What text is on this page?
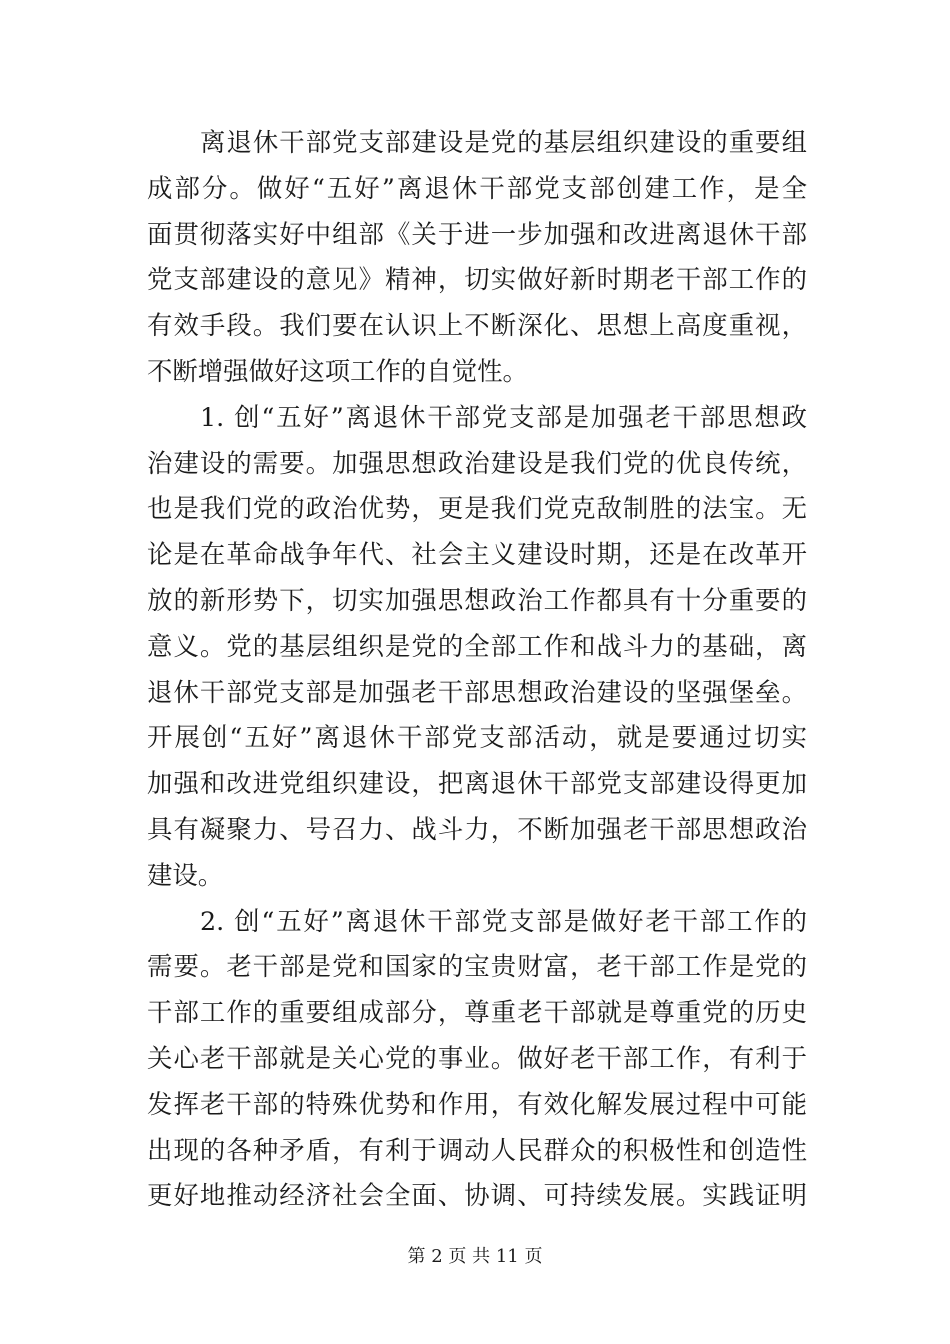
离退休干部党支部建设是党的基层组织建设的重要组
成部分。做好“五好”离退休干部党支部创建工作，是全
面贯彻落实好中组部《关于进一步加强和改进离退休干部
党支部建设的意见》精神，切实做好新时期老干部工作的
有效手段。我们要在认识上不断深化、思想上高度重视，
不断增强做好这项工作的自觉性。
1. 创“五好”离退休干部党支部是加强老干部思想政
治建设的需要。加强思想政治建设是我们党的优良传统，
也是我们党的政治优势，更是我们党克敌制胜的法宝。无
论是在革命战争年代、社会主义建设时期，还是在改革开
放的新形势下，切实加强思想政治工作都具有十分重要的
意义。党的基层组织是党的全部工作和战斗力的基础，离
退休干部党支部是加强老干部思想政治建设的坚强堡垒。
开展创“五好”离退休干部党支部活动，就是要通过切实
加强和改进党组织建设，把离退休干部党支部建设得更加
具有凝聚力、号召力、战斗力，不断加强老干部思想政治
建设。
2. 创“五好”离退休干部党支部是做好老干部工作的
需要。老干部是党和国家的宝贵财富，老干部工作是党的
干部工作的重要组成部分，尊重老干部就是尊重党的历史
关心老干部就是关心党的事业。做好老干部工作，有利于
发挥老干部的特殊优势和作用，有效化解发展过程中可能
出现的各种矛盾，有利于调动人民群众的积极性和创造性
更好地推动经济社会全面、协调、可持续发展。实践证明
第 2 页 共 11 页
